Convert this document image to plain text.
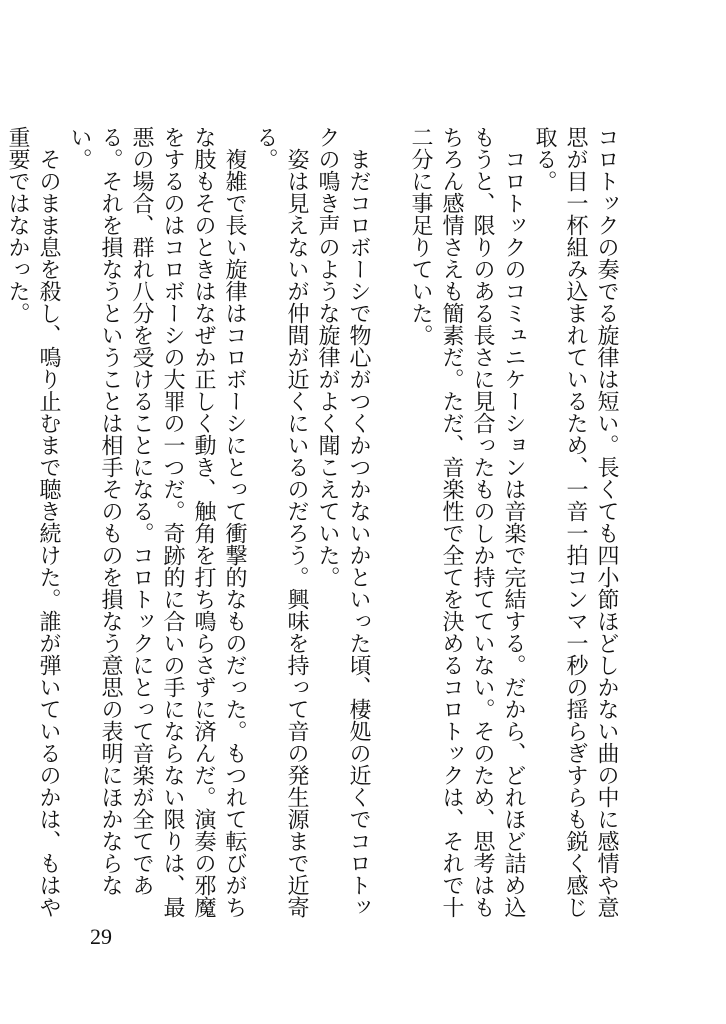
コロトックの奏でる旋律は短い。長くても四小節ほどしかない曲の中に感情や意思が目一杯組み込まれているため、一音一拍コンマ一秒の揺らぎすらも鋭く感じ取る。

　コロトックのコミュニケーションは音楽で完結する。だから、どれほど詰め込もうと、限りのある長さに見合ったものしか持てていない。そのため、思考はもちろん感情さえも簡素だ。ただ、音楽性で全てを決めるコロトックは、それで十二分に事足りていた。

　まだコロボーシで物心がつくかつかないかといった頃、棲処の近くでコロトックの鳴き声のような旋律がよく聞こえていた。

　姿は見えないが仲間が近くにいるのだろう。興味を持って音の発生源まで近寄る。

　複雑で長い旋律はコロボーシにとって衝撃的なものだった。もつれて転びがちな肢もそのときはなぜか正しく動き、触角を打ち鳴らさずに済んだ。演奏の邪魔をするのはコロボーシの大罪の一つだ。奇跡的に合いの手にならない限りは、最悪の場合、群れ八分を受けることになる。コロトックにとって音楽が全てである。それを損なうということは相手そのものを損なう意思の表明にほかならない。

　そのまま息を殺し、鳴り止むまで聴き続けた。誰が弾いているのかは、もはや重要ではなかった。

29
